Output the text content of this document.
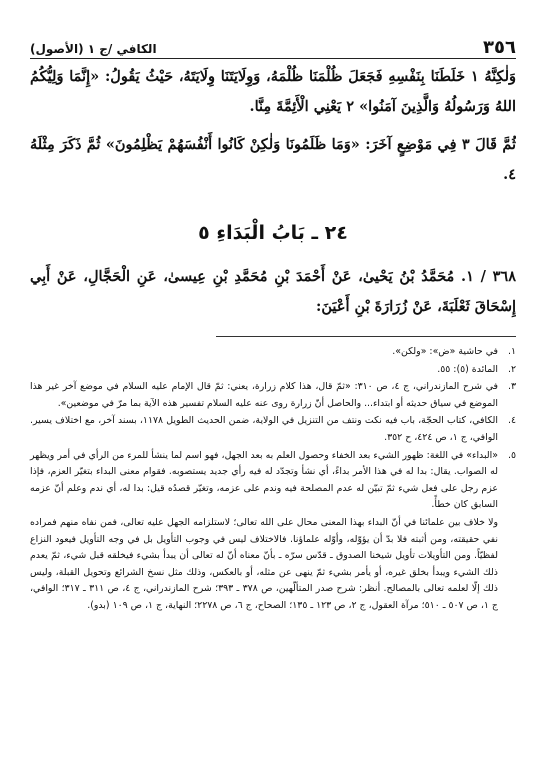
٣٥٦
الكافي /ج ١ (الأصول)

وَلٰكِنَّهُ ١ خَلَطَنَا بِنَفْسِهِ فَجَعَلَ ظُلْمَنَا ظُلْمَهُ، وَوِلَايَتَنَا وِلَايَتَهُ، حَيْثُ يَقُولُ: «إِنَّمَا وَلِيُّكُمُ اللهُ وَرَسُولُهُ وَالَّذِينَ آمَنُوا» ٢ يَعْنِي الْأَئِمَّةَ مِنَّا.

ثُمَّ قَالَ ٣ فِي مَوْضِعٍ آخَرَ: «وَمَا ظَلَمُونَا وَلٰكِنْ كَانُوا أَنْفُسَهُمْ يَظْلِمُونَ» ثُمَّ ذَكَرَ مِثْلَهُ ٤.

٢٤ ـ بَابُ الْبَدَاءِ ٥
٣٦٨ / ١. مُحَمَّدُ بْنُ يَحْيىٰ، عَنْ أَحْمَدَ بْنِ مُحَمَّدِ بْنِ عِيسىٰ، عَنِ الْحَجَّالِ، عَنْ أَبِي إِسْحَاقَ ثَعْلَبَةَ، عَنْ زُرَارَةَ بْنِ أَعْيَنَ:
١.
في حاشية «ض»: «ولكن».
٢.
المائدة (٥): ٥٥.
٣.
في شرح المازندراني، ج ٤، ص ٣١٠: «ثمّ قال، هذا كلام زرارة، يعني: ثمّ قال الإمام عليه السلام في موضع آخر غير هذا الموضع في سياق حديثه أو ابتداء... والحاصل أنّ زرارة روى عنه عليه السلام تفسير هذه الآية بما مرّ في موضعين».
٤.
الكافي، كتاب الحجّة، باب فيه نكت ونتف من التنزيل في الولاية، ضمن الحديث الطويل ١١٧٨، بسند آخر، مع اختلاف يسير. الوافي، ج ١، ص ٤٢٤، ح ٣٥٢.
٥.
«البداء» في اللغة: ظهور الشيء بعد الخفاء وحصول العلم به بعد الجهل، فهو اسم لما ينشأ للمرء من الرأي في أمر ويظهر له الصواب. يقال: بدا له في هذا الأمر بداءً، أي نشأ وتجدّد له فيه رأي جديد يستصوبه. فقوام معنى البداء بتغيّر العزم، فإذا عزم رجل على فعل شيء ثمّ تبيّن له عدم المصلحة فيه وندم على عزمه، وتغيّر قصدُه قيل: بدا له، أي ندم وعلم أنّ عزمه السابق كان خطأً.
ولا خلاف بين علمائنا في أنّ البداء بهذا المعنى محال على الله تعالى؛ لاستلزامه الجهل عليه تعالى، فمن نفاه منهم فمراده نفي حقيقته، ومن أثبته فلا بدّ أن يؤوّله، وأوّله علماؤنا. فالاختلاف ليس في وجوب التأويل بل في وجه التأويل فيعود النزاع لفظيّاً. ومن التأويلات تأويل شيخنا الصدوق ـ قدّس سرّه ـ بأنّ معناه أنّ له تعالى أن يبدأ بشيء فيخلقه قبل شيء، ثمّ يعدم ذلك الشيء ويبدأ بخلق غيره، أو يأمر بشيء ثمّ ينهى عن مثله، أو بالعكس، وذلك مثل نسخ الشرائع وتحويل القبلة، وليس ذلك إلّا لعلمه تعالى بالمصالح. أنظر: شرح صدر المتألّهين، ص ٣٧٨ ـ ٣٩٣؛ شرح المازندراني، ج ٤، ص ٣١١ ـ ٣١٧؛ الوافي، ج ١، ص ٥٠٧ ـ ٥١٠؛ مرآة العقول، ج ٢، ص ١٢٣ ـ ١٣٥؛ الصحاح، ج ٦، ص ٢٢٧٨؛ النهاية، ج ١، ص ١٠٩ (بدو).
